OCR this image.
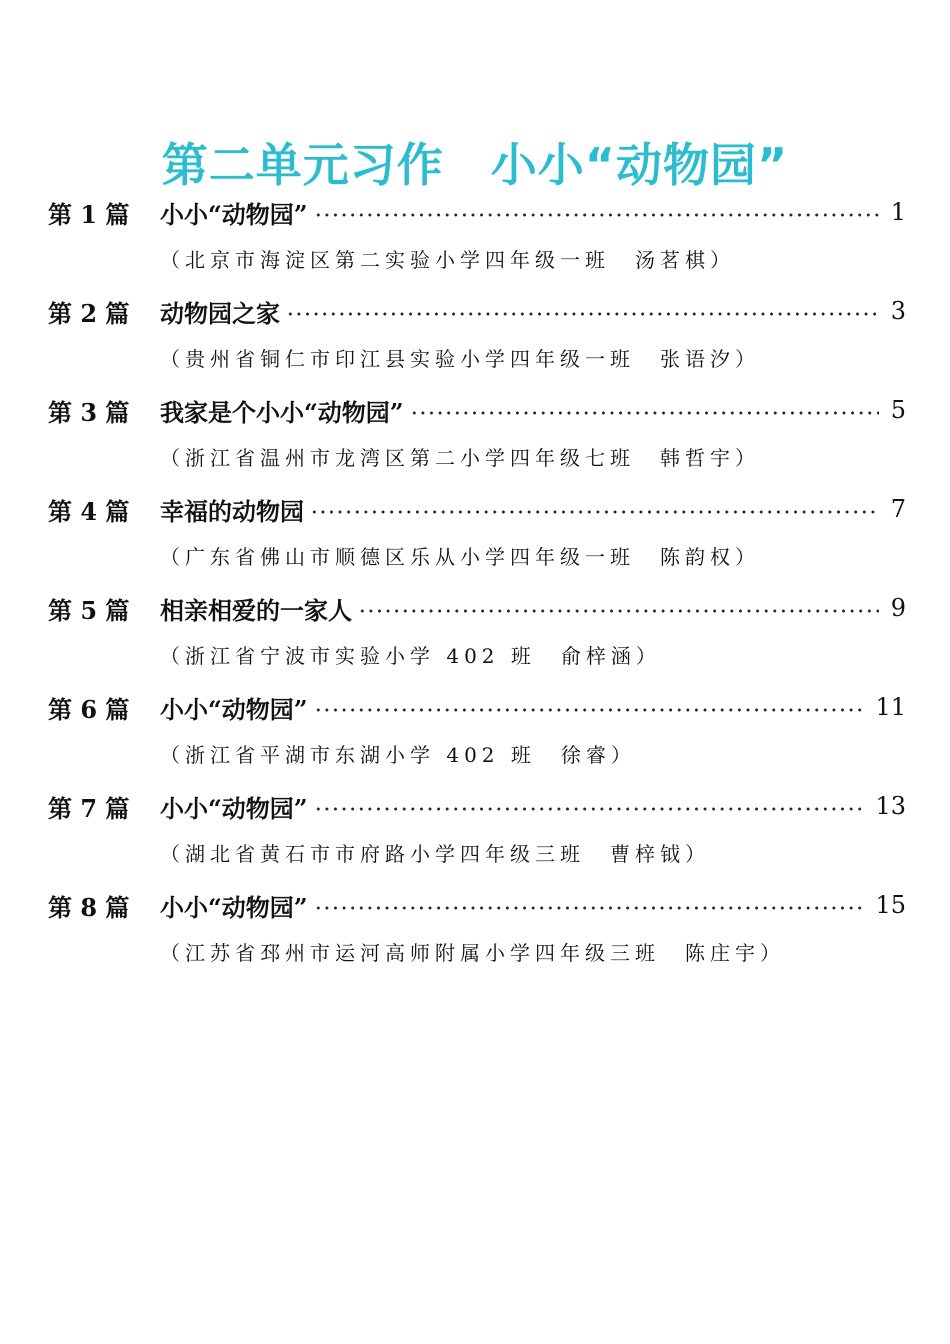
第二单元习作　小小“动物园”
第 1 篇	小小“动物园”	1
（北京市海淀区第二实验小学四年级一班　汤茗棋）
第 2 篇	动物园之家	3
（贵州省铜仁市印江县实验小学四年级一班　张语汐）
第 3 篇	我家是个小小“动物园”	5
（浙江省温州市龙湾区第二小学四年级七班　韩哲宇）
第 4 篇	幸福的动物园	7
（广东省佛山市顺德区乐从小学四年级一班　陈韵权）
第 5 篇	相亲相爱的一家人	9
（浙江省宁波市实验小学 402 班　俞梓涵）
第 6 篇	小小“动物园”	11
（浙江省平湖市东湖小学 402 班　徐睿）
第 7 篇	小小“动物园”	13
（湖北省黄石市市府路小学四年级三班　曹梓钺）
第 8 篇	小小“动物园”	15
（江苏省邳州市运河高师附属小学四年级三班　陈庄宇）
